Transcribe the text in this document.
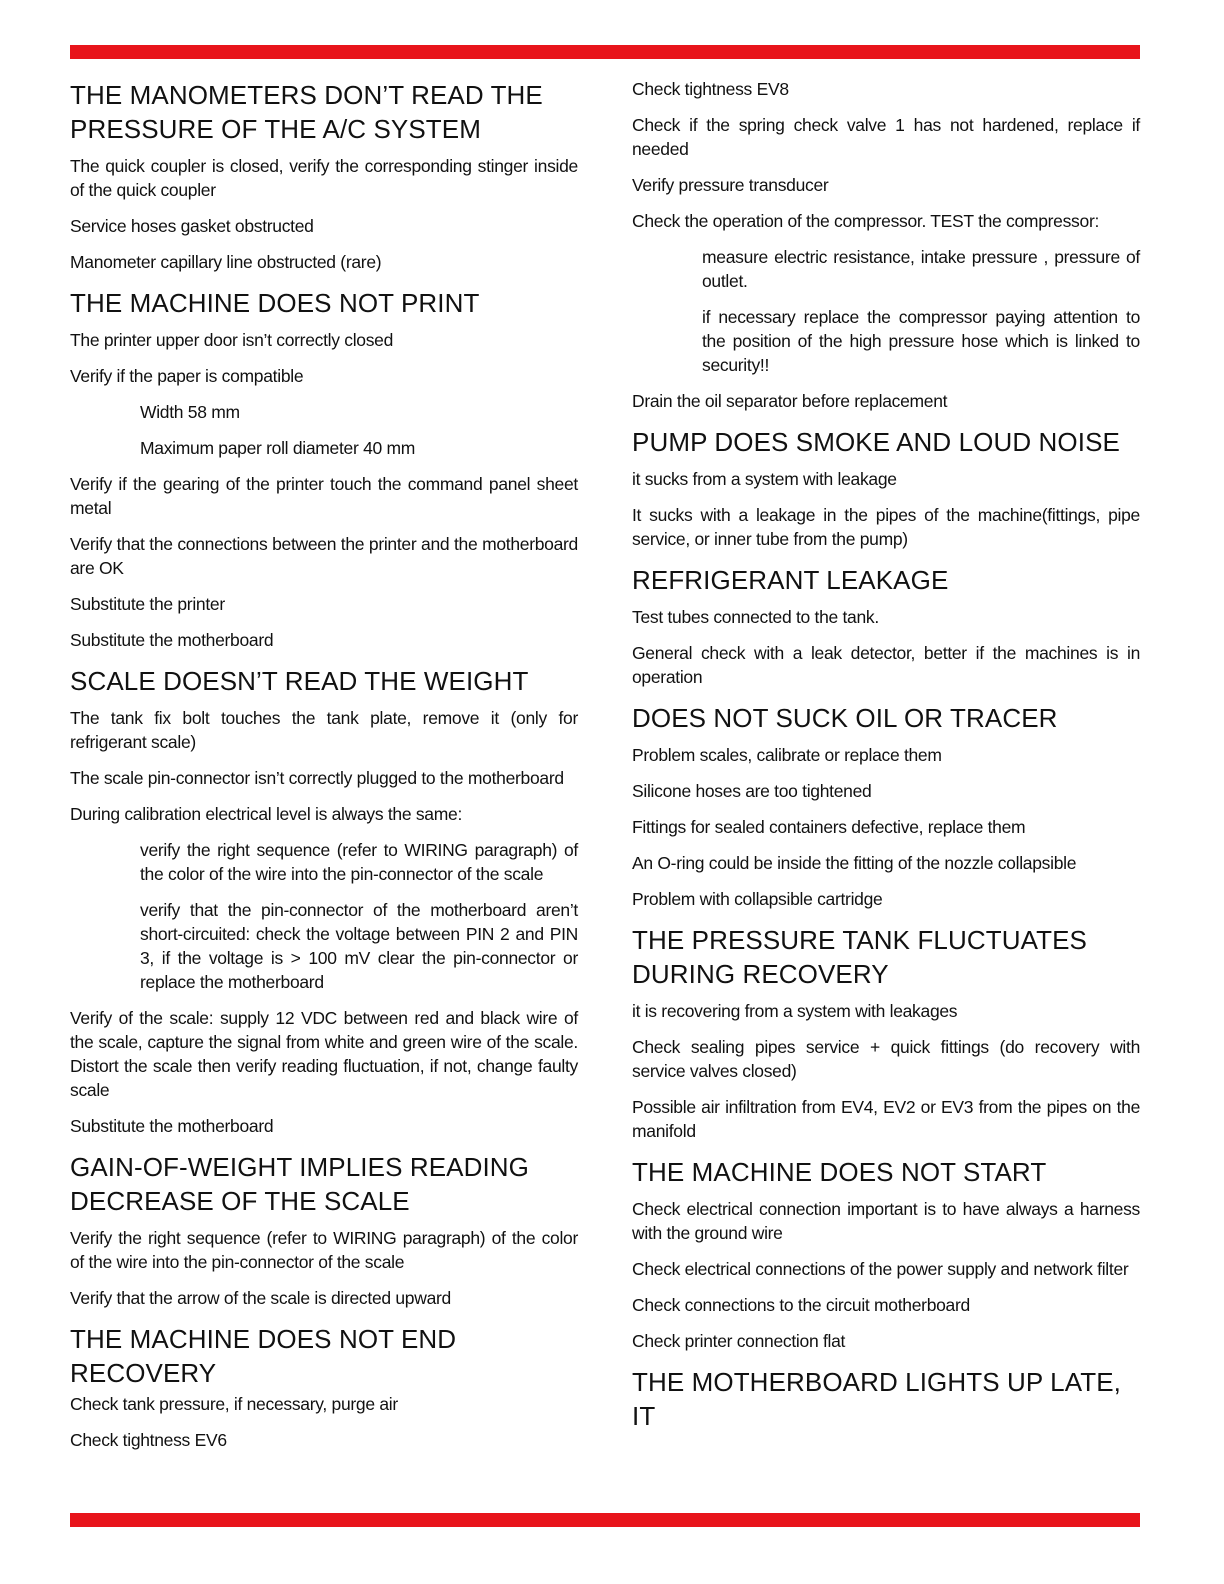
THE MANOMETERS DON’T READ THE PRESSURE OF THE A/C SYSTEM

The quick coupler is closed, verify the corresponding stinger inside of the quick coupler

Service hoses gasket obstructed

Manometer capillary line obstructed (rare)

THE MACHINE DOES NOT PRINT

The printer upper door isn’t correctly closed

Verify if the paper is compatible

Width 58 mm

Maximum paper roll diameter 40 mm

Verify if the gearing of the printer touch the command panel sheet metal

Verify that the connections between the printer and the motherboard are OK

Substitute the printer

Substitute the motherboard

SCALE DOESN’T READ THE WEIGHT

The tank fix bolt touches the tank plate, remove it (only for refrigerant scale)

The scale pin-connector isn’t correctly plugged to the motherboard

During calibration electrical level is always the same:

verify the right sequence (refer to WIRING paragraph) of the color of the wire into the pin-connector of the scale

verify that the pin-connector of the motherboard aren’t short-circuited: check the voltage between PIN 2 and PIN 3, if the voltage is > 100 mV clear the pin-connector or replace the motherboard

Verify of the scale: supply 12 VDC between red and black wire of the scale, capture the signal from white and green wire of the scale. Distort the scale then verify reading fluctuation, if not, change faulty scale

Substitute the motherboard

GAIN-OF-WEIGHT IMPLIES READING DECREASE OF THE SCALE

Verify the right sequence (refer to WIRING paragraph) of the color of the wire into the pin-connector of the scale

Verify that the arrow of the scale is directed upward

THE MACHINE DOES NOT END RECOVERY

Check tank pressure, if necessary, purge air

Check tightness EV6

Check tightness EV8

Check if the spring check valve 1 has not hardened, replace if needed

Verify pressure transducer

Check the operation of the compressor. TEST the compressor:

measure electric resistance, intake pressure , pressure of outlet.

if necessary replace the compressor paying attention to the position of the high pressure hose which is linked to security!!

Drain the oil separator before replacement

PUMP DOES SMOKE AND LOUD NOISE

it sucks from a system with leakage

It sucks with a leakage in the pipes of the machine(fittings, pipe service, or inner tube from the pump)

REFRIGERANT LEAKAGE

Test tubes connected to the tank.

General check with a leak detector, better if the machines is in operation

DOES NOT SUCK OIL OR TRACER

Problem scales, calibrate or replace them

Silicone hoses are too tightened

Fittings for sealed containers defective, replace them

An O-ring could be inside the fitting of the nozzle collapsible

Problem with collapsible cartridge

THE PRESSURE TANK FLUCTUATES DURING RECOVERY

it is recovering from a system with leakages

Check sealing pipes service + quick fittings (do recovery with service valves closed)

Possible air infiltration from EV4, EV2 or EV3 from the pipes on the manifold

THE MACHINE DOES NOT START

Check electrical connection important is to have always a harness with the ground wire

Check electrical connections of the power supply and network filter

Check connections to the circuit motherboard

Check printer connection flat

THE MOTHERBOARD LIGHTS UP LATE, IT
